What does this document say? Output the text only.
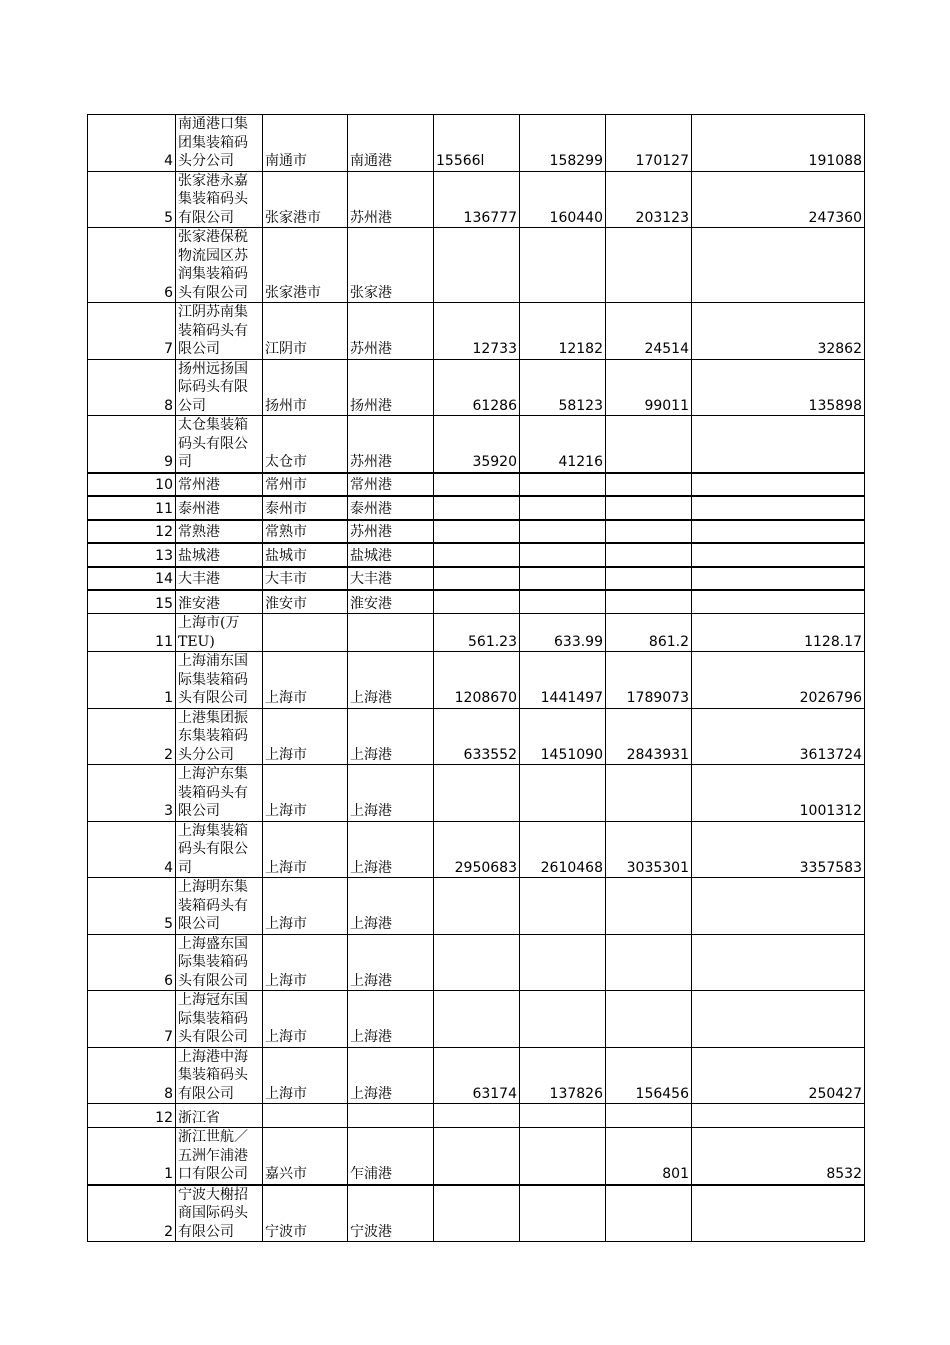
4	南通港口集团集装箱码头分公司	南通市	南通港	15566l	158299	170127	191088
5	张家港永嘉集装箱码头有限公司	张家港市	苏州港	136777	160440	203123	247360
6	张家港保税物流园区苏润集装箱码头有限公司	张家港市	张家港				
7	江阴苏南集装箱码头有限公司	江阴市	苏州港	12733	12182	24514	32862
8	扬州远扬国际码头有限公司	扬州市	扬州港	61286	58123	99011	135898
9	太仓集装箱码头有限公司	太仓市	苏州港	35920	41216		
10	常州港	常州市	常州港				
11	泰州港	泰州市	泰州港				
12	常熟港	常熟市	苏州港				
13	盐城港	盐城市	盐城港				
14	大丰港	大丰市	大丰港				
15	淮安港	淮安市	淮安港				
11	上海市(万TEU)			561.23	633.99	861.2	1128.17
1	上海浦东国际集装箱码头有限公司	上海市	上海港	1208670	1441497	1789073	2026796
2	上港集团振东集装箱码头分公司	上海市	上海港	633552	1451090	2843931	3613724
3	上海沪东集装箱码头有限公司	上海市	上海港				1001312
4	上海集装箱码头有限公司	上海市	上海港	2950683	2610468	3035301	3357583
5	上海明东集装箱码头有限公司	上海市	上海港				
6	上海盛东国际集装箱码头有限公司	上海市	上海港				
7	上海冠东国际集装箱码头有限公司	上海市	上海港				
8	上海港中海集装箱码头有限公司	上海市	上海港	63174	137826	156456	250427
12	浙江省						
1	浙江世航／五洲乍浦港口有限公司	嘉兴市	乍浦港			801	8532
2	宁波大榭招商国际码头有限公司	宁波市	宁波港				
